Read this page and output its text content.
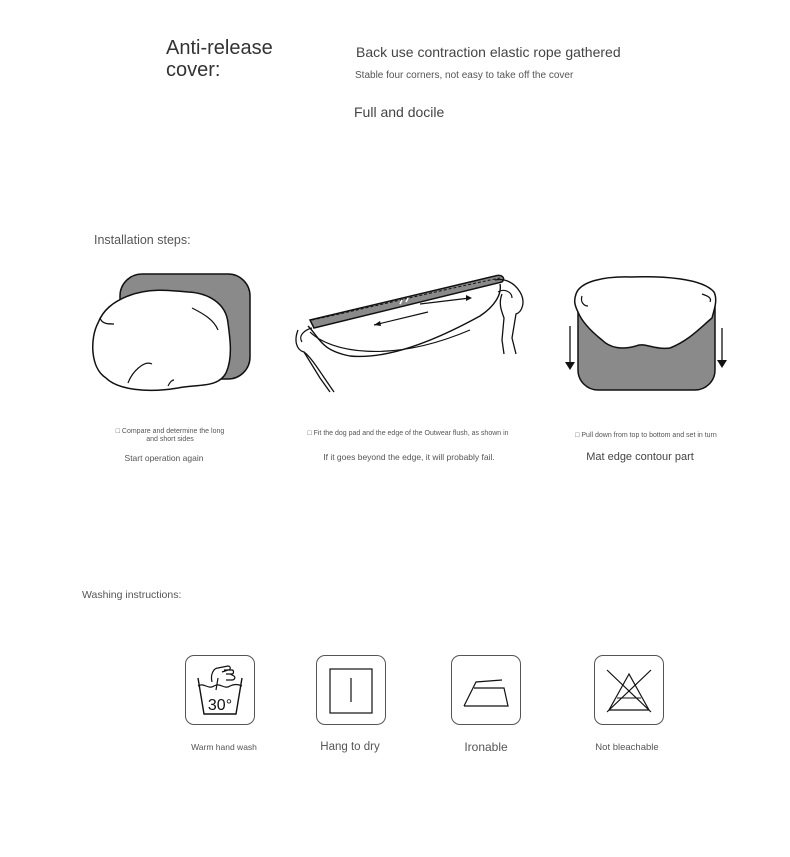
Anti-release cover:
Back use contraction elastic rope gathered
Stable four corners, not easy to take off the cover
Full and docile
Installation steps:
□ Compare and determine the long and short sides
Start operation again
□ Fit the dog pad and the edge of the Outwear flush, as shown in
If it goes beyond the edge, it will probably fail.
□ Pull down from top to bottom and set in turn
Mat edge contour part
Washing instructions:
30°
Warm hand wash	Hang to dry	Ironable	Not bleachable
